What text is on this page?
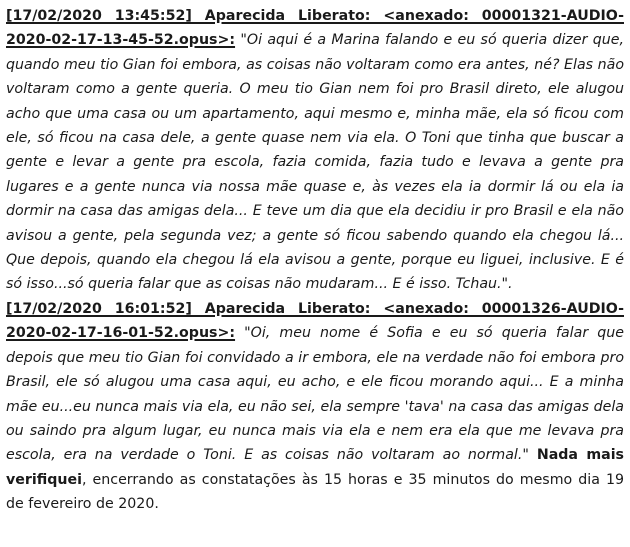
[17/02/2020 13:45:52] Aparecida Liberato: <anexado: 00001321-AUDIO-2020-02-17-13-45-52.opus>: "Oi aqui é a Marina falando e eu só queria dizer que, quando meu tio Gian foi embora, as coisas não voltaram como era antes, né? Elas não voltaram como a gente queria. O meu tio Gian nem foi pro Brasil direto, ele alugou acho que uma casa ou um apartamento, aqui mesmo e, minha mãe, ela só ficou com ele, só ficou na casa dele, a gente quase nem via ela. O Toni que tinha que buscar a gente e levar a gente pra escola, fazia comida, fazia tudo e levava a gente pra lugares e a gente nunca via nossa mãe quase e, às vezes ela ia dormir lá ou ela ia dormir na casa das amigas dela... E teve um dia que ela decidiu ir pro Brasil e ela não avisou a gente, pela segunda vez; a gente só ficou sabendo quando ela chegou lá... Que depois, quando ela chegou lá ela avisou a gente, porque eu liguei, inclusive. E é só isso...só queria falar que as coisas não mudaram... E é isso. Tchau.".

[17/02/2020 16:01:52] Aparecida Liberato: <anexado: 00001326-AUDIO-2020-02-17-16-01-52.opus>: "Oi, meu nome é Sofia e eu só queria falar que depois que meu tio Gian foi convidado a ir embora, ele na verdade não foi embora pro Brasil, ele só alugou uma casa aqui, eu acho, e ele ficou morando aqui... E a minha mãe eu...eu nunca mais via ela, eu não sei, ela sempre 'tava' na casa das amigas dela ou saindo pra algum lugar, eu nunca mais via ela e nem era ela que me levava pra escola, era na verdade o Toni. E as coisas não voltaram ao normal." Nada mais verifiquei, encerrando as constatações às 15 horas e 35 minutos do mesmo dia 19 de fevereiro de 2020.
